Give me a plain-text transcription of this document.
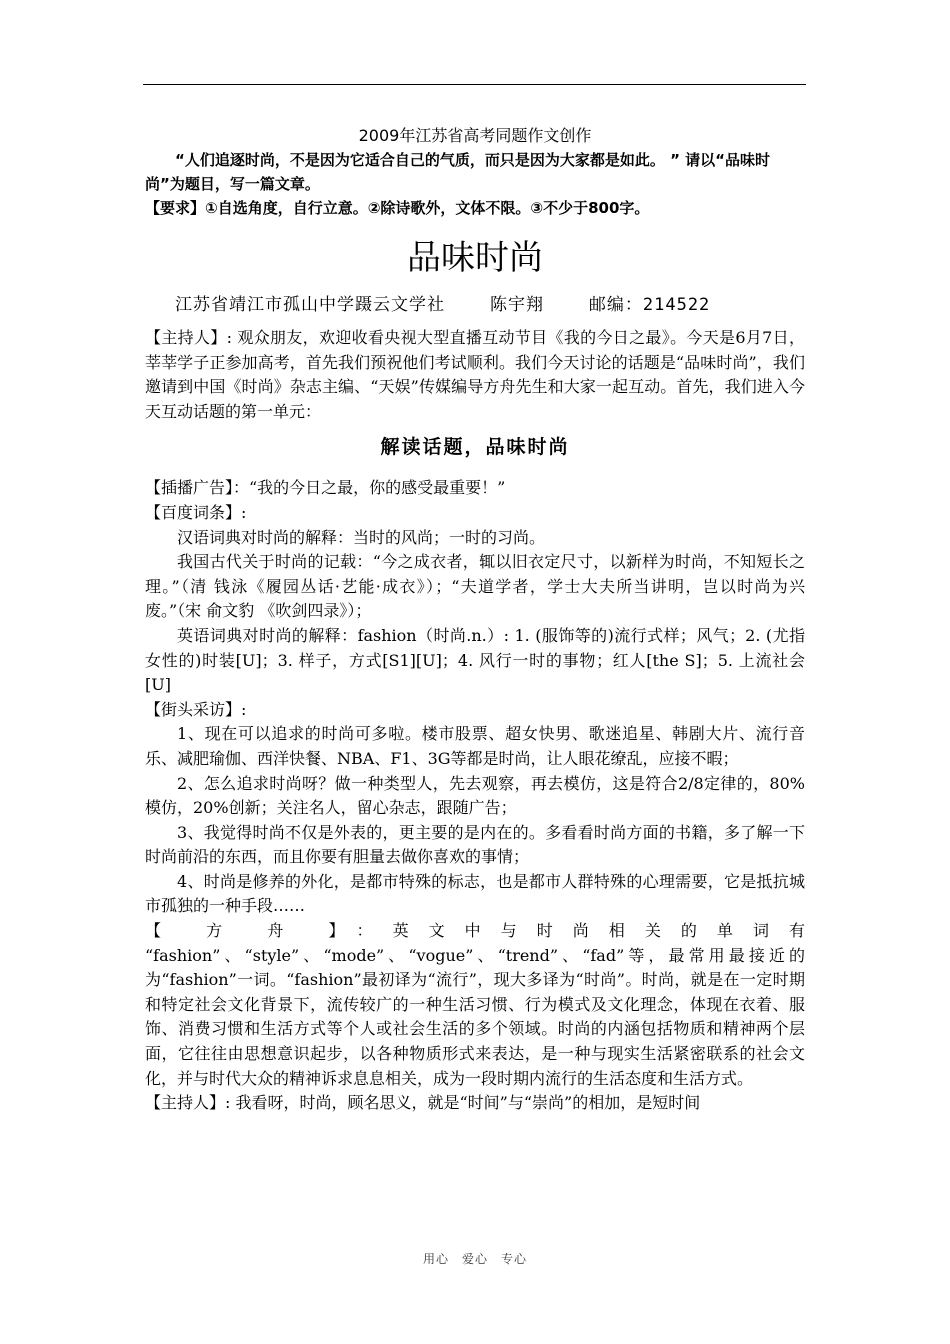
2009年江苏省高考同题作文创作
“人们追逐时尚，不是因为它适合自己的气质，而只是因为大家都是如此。 ” 请以“品味时尚”为题目，写一篇文章。
【要求】①自选角度，自行立意。②除诗歌外，文体不限。③不少于800字。
品味时尚
江苏省靖江市孤山中学蹑云文学社    陈宇翔    邮编：214522

【主持人】: 观众朋友，欢迎收看央视大型直播互动节目《我的今日之最》。今天是6月7日，莘莘学子正参加高考，首先我们预祝他们考试顺利。我们今天讨论的话题是“品味时尚”，我们邀请到中国《时尚》杂志主编、“天娱”传媒编导方舟先生和大家一起互动。首先，我们进入今天互动话题的第一单元：

解读话题，品味时尚

【插播广告】：“我的今日之最，你的感受最重要！”

【百度词条】:

汉语词典对时尚的解释：当时的风尚；一时的习尚。

我国古代关于时尚的记载：“今之成衣者，辄以旧衣定尺寸，以新样为时尚，不知短长之理。”（清 钱泳《履园丛话·艺能·成衣》）；“夫道学者，学士大夫所当讲明，岂以时尚为兴废。”（宋 俞文豹 《吹剑四录》）；

英语词典对时尚的解释：fashion（时尚.n.）: 1. (服饰等的)流行式样；风气；2. (尤指女性的)时装[U]；3. 样子，方式[S1][U]；4. 风行一时的事物；红人[the S]；5. 上流社会[U]

【街头采访】:

1、现在可以追求的时尚可多啦。楼市股票、超女快男、歌迷追星、韩剧大片、流行音乐、减肥瑜伽、西洋快餐、NBA、F1、3G等都是时尚，让人眼花缭乱，应接不暇；

2、怎么追求时尚呀？做一种类型人，先去观察，再去模仿，这是符合2/8定律的，80%模仿，20%创新；关注名人，留心杂志，跟随广告；

3、我觉得时尚不仅是外表的，更主要的是内在的。多看看时尚方面的书籍，多了解一下时尚前沿的东西，而且你要有胆量去做你喜欢的事情；

4、时尚是修养的外化，是都市特殊的标志，也是都市人群特殊的心理需要，它是抵抗城市孤独的一种手段……

【 方 舟 】：英文中与时尚相关的单词有

“fashion”、“style”、“mode”、“vogue”、“trend”、“fad”等，最常用最接近的为“fashion”一词。“fashion”最初译为“流行”，现大多译为“时尚”。时尚，就是在一定时期和特定社会文化背景下，流传较广的一种生活习惯、行为模式及文化理念，体现在衣着、服饰、消费习惯和生活方式等个人或社会生活的多个领域。时尚的内涵包括物质和精神两个层面，它往往由思想意识起步，以各种物质形式来表达，是一种与现实生活紧密联系的社会文化，并与时代大众的精神诉求息息相关，成为一段时期内流行的生活态度和生活方式。

【主持人】: 我看呀，时尚，顾名思义，就是“时间”与“崇尚”的相加，是短时间

用心　爱心　专心
